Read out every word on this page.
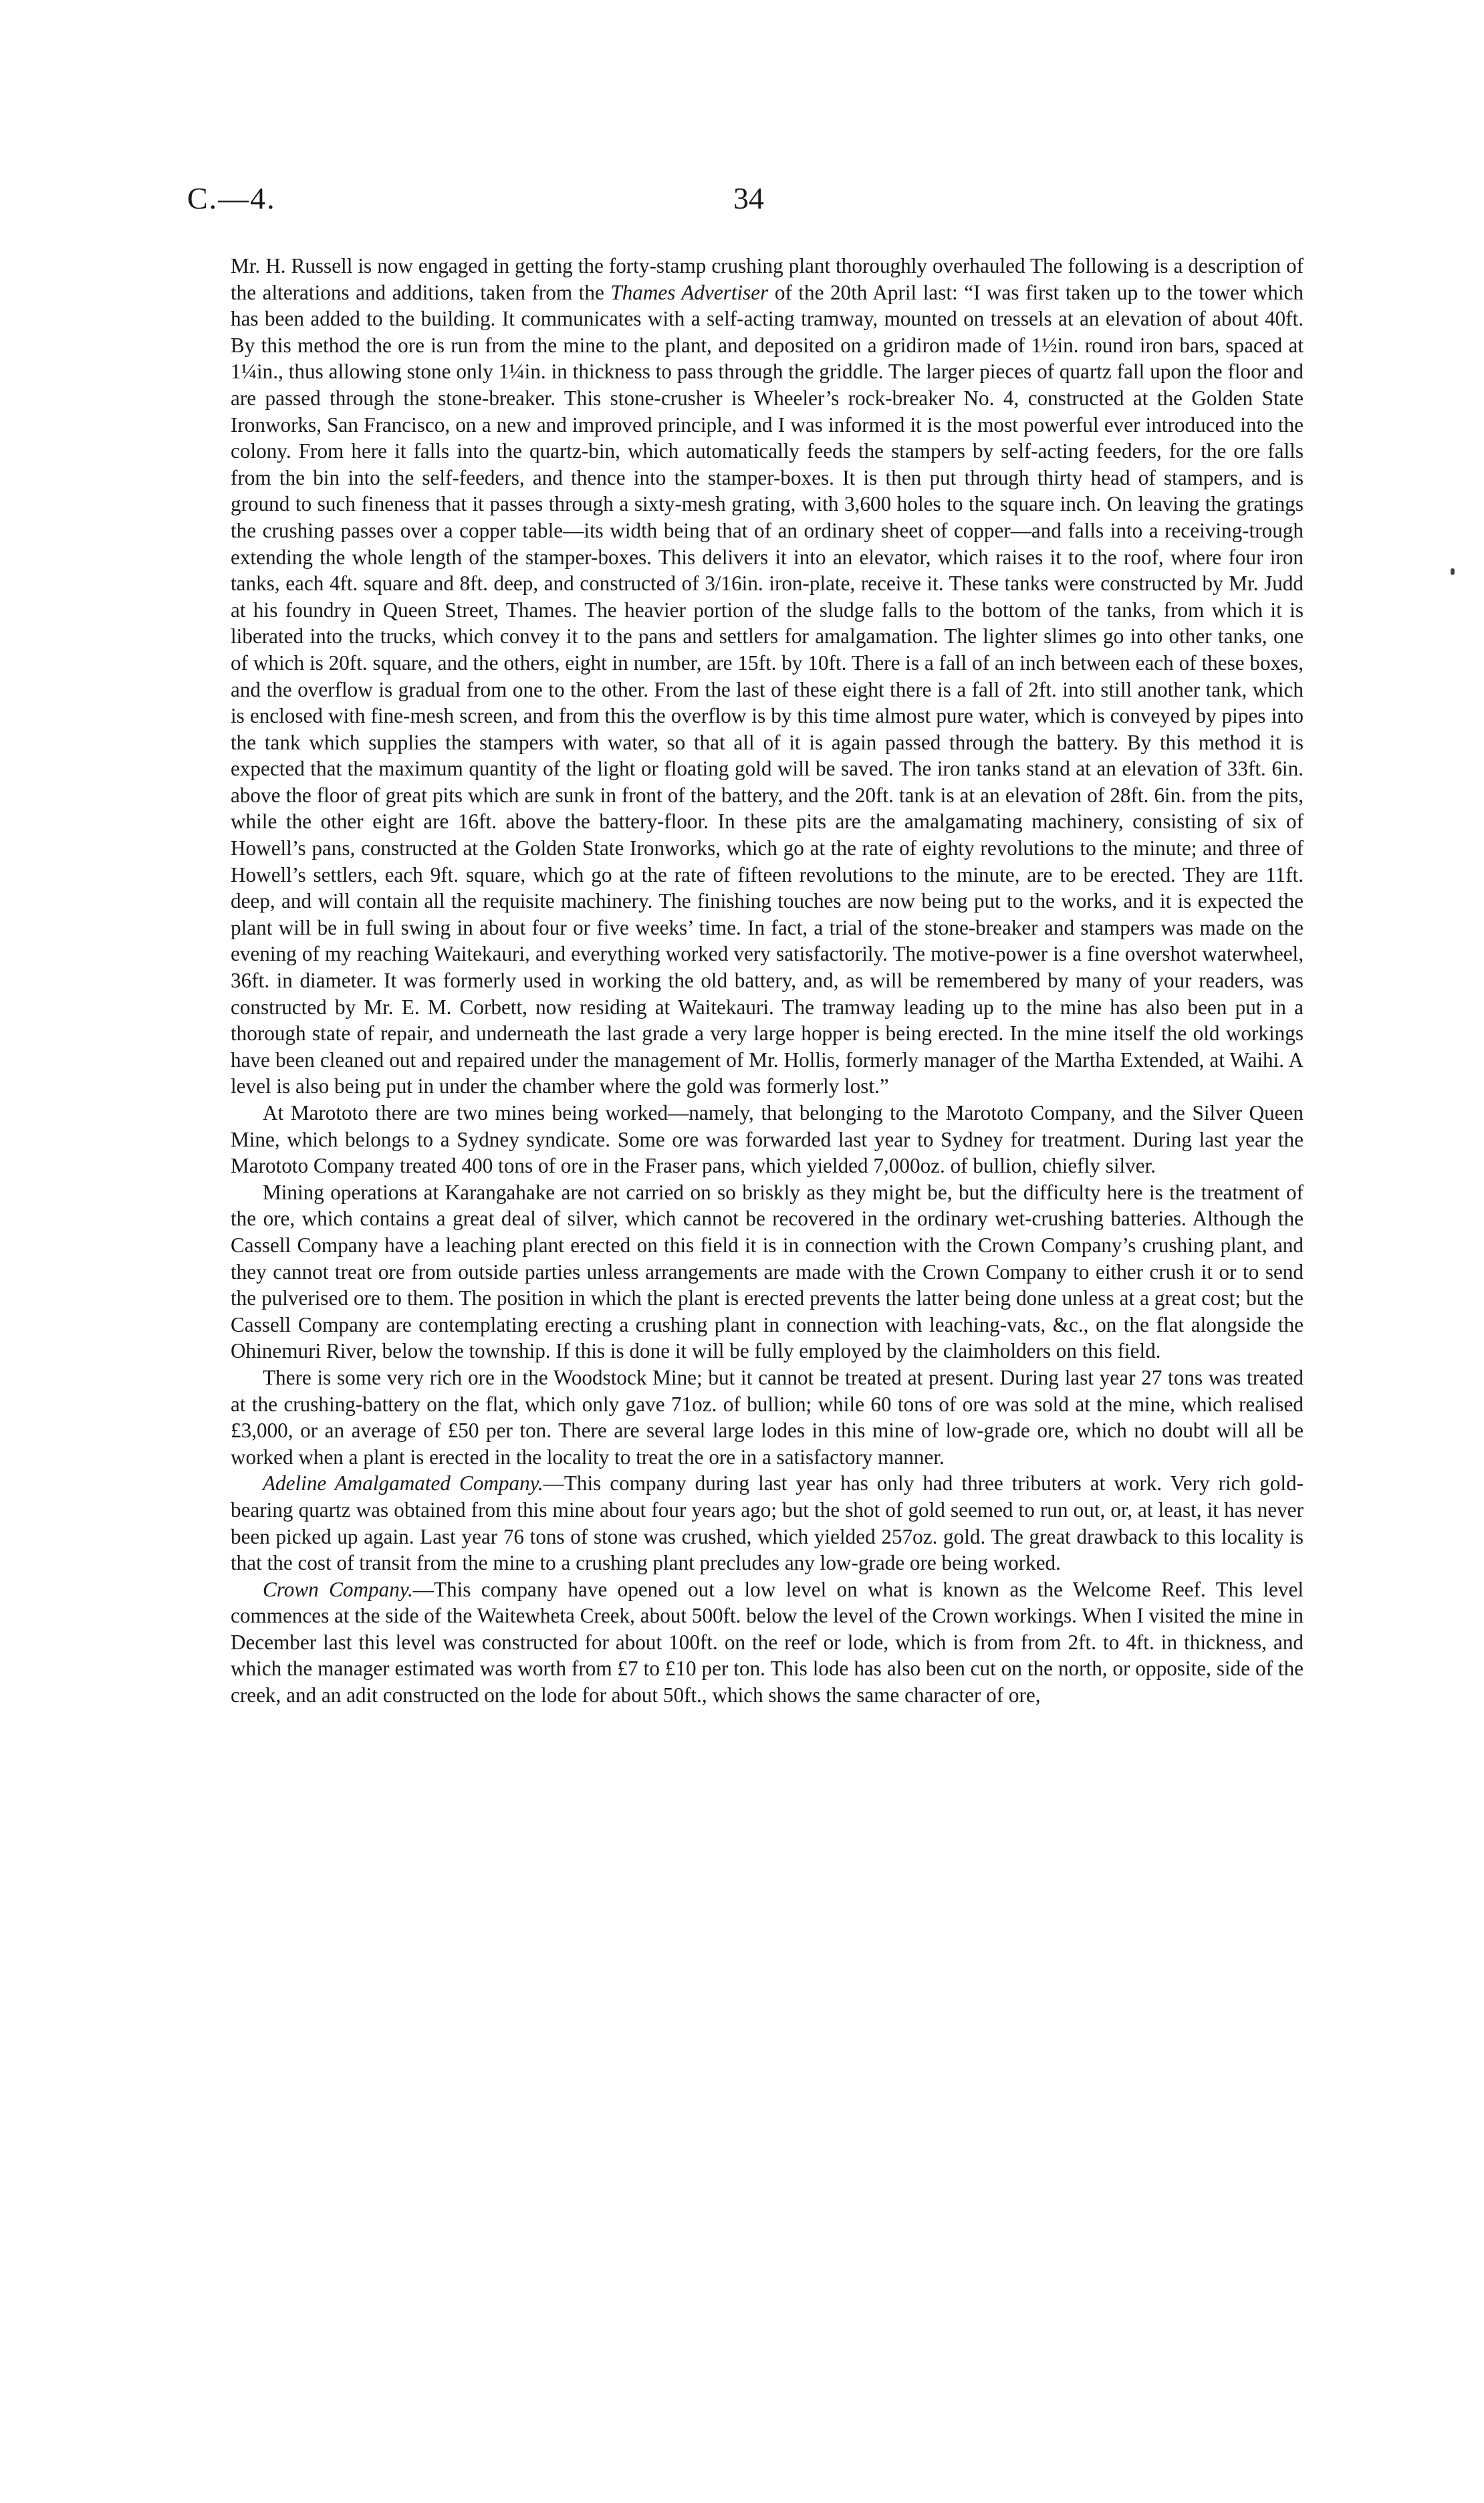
C.—4.	34

Mr. H. Russell is now engaged in getting the forty-stamp crushing plant thoroughly overhauled The following is a description of the alterations and additions, taken from the Thames Advertiser of the 20th April last: “I was first taken up to the tower which has been added to the building. It communicates with a self-acting tramway, mounted on tressels at an elevation of about 40ft. By this method the ore is run from the mine to the plant, and deposited on a gridiron made of 1½in. round iron bars, spaced at 1¼in., thus allowing stone only 1¼in. in thickness to pass through the griddle. The larger pieces of quartz fall upon the floor and are passed through the stone-breaker. This stone-crusher is Wheeler’s rock-breaker No. 4, constructed at the Golden State Ironworks, San Francisco, on a new and improved principle, and I was informed it is the most powerful ever introduced into the colony. From here it falls into the quartz-bin, which automatically feeds the stampers by self-acting feeders, for the ore falls from the bin into the self-feeders, and thence into the stamper-boxes. It is then put through thirty head of stampers, and is ground to such fineness that it passes through a sixty-mesh grating, with 3,600 holes to the square inch. On leaving the gratings the crushing passes over a copper table—its width being that of an ordinary sheet of copper—and falls into a receiving-trough extending the whole length of the stamper-boxes. This delivers it into an elevator, which raises it to the roof, where four iron tanks, each 4ft. square and 8ft. deep, and constructed of 3/16in. iron-plate, receive it. These tanks were constructed by Mr. Judd at his foundry in Queen Street, Thames. The heavier portion of the sludge falls to the bottom of the tanks, from which it is liberated into the trucks, which convey it to the pans and settlers for amalgamation. The lighter slimes go into other tanks, one of which is 20ft. square, and the others, eight in number, are 15ft. by 10ft. There is a fall of an inch between each of these boxes, and the overflow is gradual from one to the other. From the last of these eight there is a fall of 2ft. into still another tank, which is enclosed with fine-mesh screen, and from this the overflow is by this time almost pure water, which is conveyed by pipes into the tank which supplies the stampers with water, so that all of it is again passed through the battery. By this method it is expected that the maximum quantity of the light or floating gold will be saved. The iron tanks stand at an elevation of 33ft. 6in. above the floor of great pits which are sunk in front of the battery, and the 20ft. tank is at an elevation of 28ft. 6in. from the pits, while the other eight are 16ft. above the battery-floor. In these pits are the amalgamating machinery, consisting of six of Howell’s pans, constructed at the Golden State Ironworks, which go at the rate of eighty revolutions to the minute; and three of Howell’s settlers, each 9ft. square, which go at the rate of fifteen revolutions to the minute, are to be erected. They are 11ft. deep, and will contain all the requisite machinery. The finishing touches are now being put to the works, and it is expected the plant will be in full swing in about four or five weeks’ time. In fact, a trial of the stone-breaker and stampers was made on the evening of my reaching Waitekauri, and everything worked very satisfactorily. The motive-power is a fine overshot waterwheel, 36ft. in diameter. It was formerly used in working the old battery, and, as will be remembered by many of your readers, was constructed by Mr. E. M. Corbett, now residing at Waitekauri. The tramway leading up to the mine has also been put in a thorough state of repair, and underneath the last grade a very large hopper is being erected. In the mine itself the old workings have been cleaned out and repaired under the management of Mr. Hollis, formerly manager of the Martha Extended, at Waihi. A level is also being put in under the chamber where the gold was formerly lost.”

At Marototo there are two mines being worked—namely, that belonging to the Marototo Company, and the Silver Queen Mine, which belongs to a Sydney syndicate. Some ore was forwarded last year to Sydney for treatment. During last year the Marototo Company treated 400 tons of ore in the Fraser pans, which yielded 7,000oz. of bullion, chiefly silver.

Mining operations at Karangahake are not carried on so briskly as they might be, but the difficulty here is the treatment of the ore, which contains a great deal of silver, which cannot be recovered in the ordinary wet-crushing batteries. Although the Cassell Company have a leaching plant erected on this field it is in connection with the Crown Company’s crushing plant, and they cannot treat ore from outside parties unless arrangements are made with the Crown Company to either crush it or to send the pulverised ore to them. The position in which the plant is erected prevents the latter being done unless at a great cost; but the Cassell Company are contemplating erecting a crushing plant in connection with leaching-vats, &c., on the flat alongside the Ohinemuri River, below the township. If this is done it will be fully employed by the claimholders on this field.

There is some very rich ore in the Woodstock Mine; but it cannot be treated at present. During last year 27 tons was treated at the crushing-battery on the flat, which only gave 71oz. of bullion; while 60 tons of ore was sold at the mine, which realised £3,000, or an average of £50 per ton. There are several large lodes in this mine of low-grade ore, which no doubt will all be worked when a plant is erected in the locality to treat the ore in a satisfactory manner.

Adeline Amalgamated Company.—This company during last year has only had three tributers at work. Very rich gold-bearing quartz was obtained from this mine about four years ago; but the shot of gold seemed to run out, or, at least, it has never been picked up again. Last year 76 tons of stone was crushed, which yielded 257oz. gold. The great drawback to this locality is that the cost of transit from the mine to a crushing plant precludes any low-grade ore being worked.

Crown Company.—This company have opened out a low level on what is known as the Welcome Reef. This level commences at the side of the Waitewheta Creek, about 500ft. below the level of the Crown workings. When I visited the mine in December last this level was constructed for about 100ft. on the reef or lode, which is from from 2ft. to 4ft. in thickness, and which the manager estimated was worth from £7 to £10 per ton. This lode has also been cut on the north, or opposite, side of the creek, and an adit constructed on the lode for about 50ft., which shows the same character of ore,
